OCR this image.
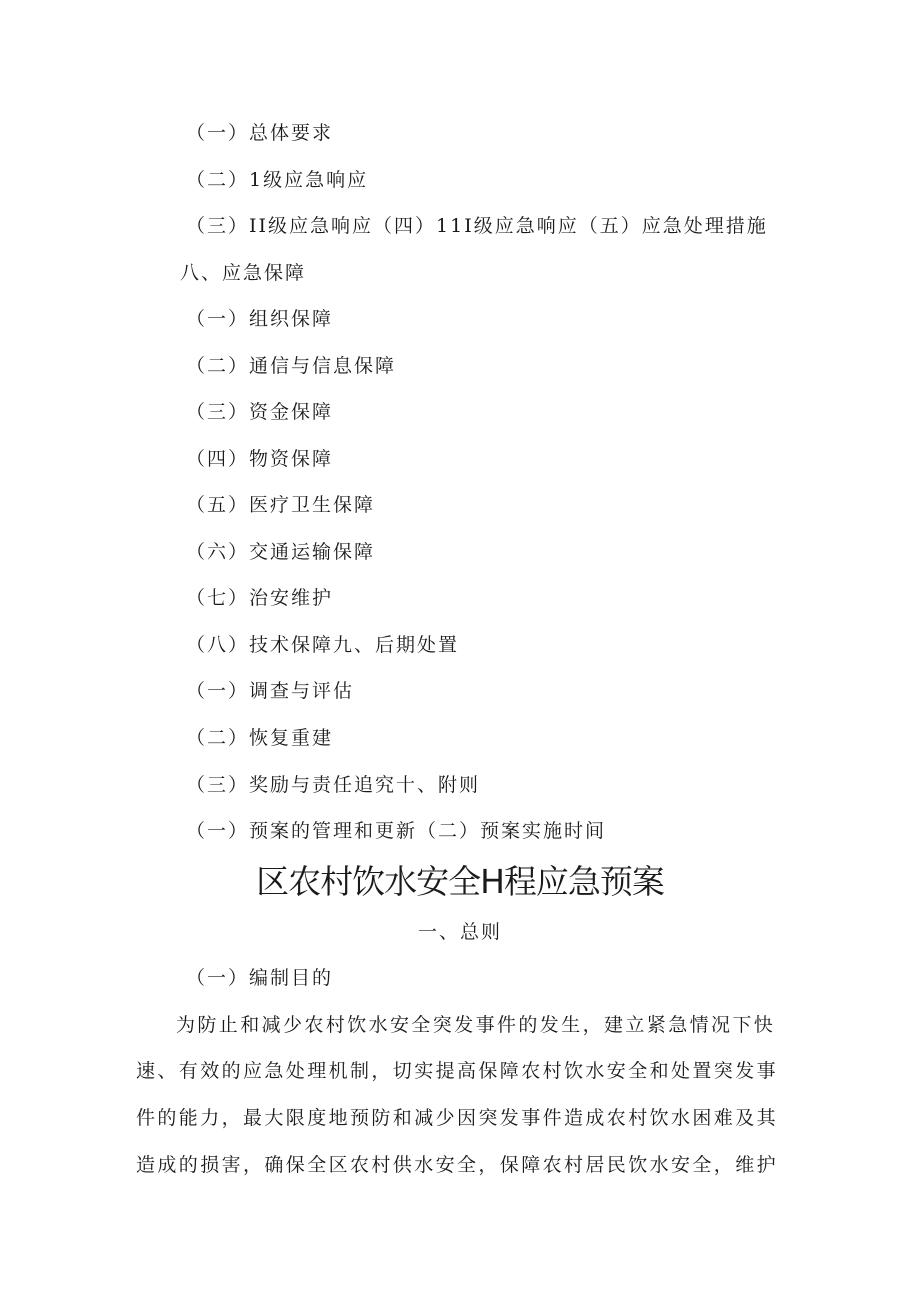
（一）总体要求
（二）1级应急响应
（三）II级应急响应（四）11I级应急响应（五）应急处理措施
八、应急保障
（一）组织保障
（二）通信与信息保障
（三）资金保障
（四）物资保障
（五）医疗卫生保障
（六）交通运输保障
（七）治安维护
（八）技术保障九、后期处置
（一）调查与评估
（二）恢复重建
（三）奖励与责任追究十、附则
（一）预案的管理和更新（二）预案实施时间
区农村饮水安全H程应急预案
一、总则
（一）编制目的
为防止和减少农村饮水安全突发事件的发生，建立紧急情况下快
速、有效的应急处理机制，切实提高保障农村饮水安全和处置突发事
件的能力，最大限度地预防和减少因突发事件造成农村饮水困难及其
造成的损害，确保全区农村供水安全，保障农村居民饮水安全，维护
